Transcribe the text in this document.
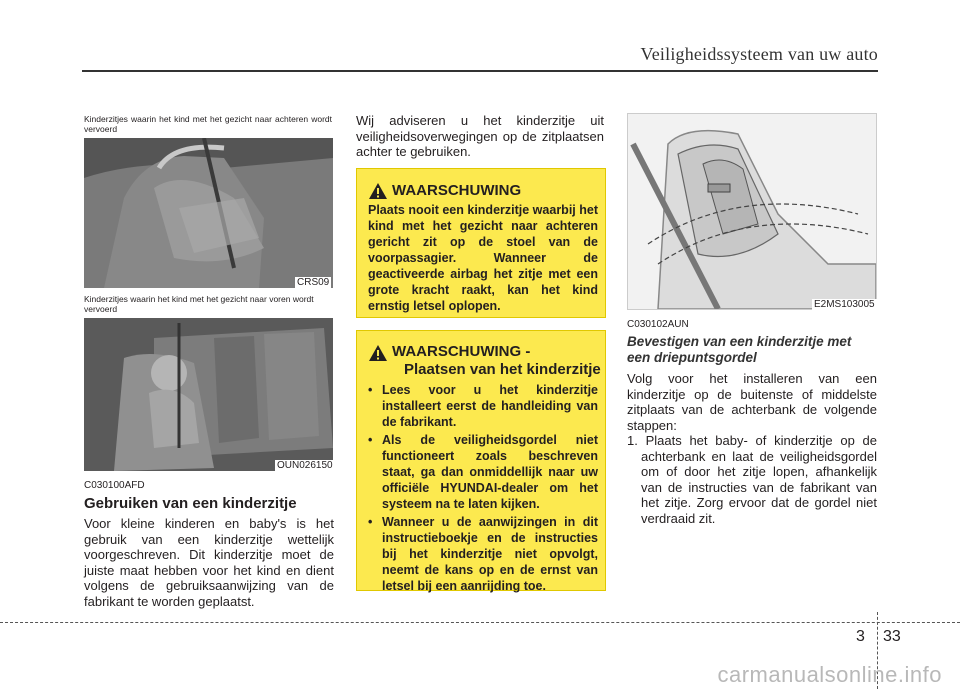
Veiligheidssysteem van uw auto
Kinderzitjes waarin het kind met het gezicht naar achteren wordt vervoerd
CRS09
Kinderzitjes waarin het kind met het gezicht naar voren wordt vervoerd
OUN026150
C030100AFD
Gebruiken van een kinderzitje
Voor kleine kinderen en baby's is het gebruik van een kinderzitje wettelijk voorgeschreven. Dit kinderzitje moet de juiste maat hebben voor het kind en dient volgens de gebruiksaanwijzing van de fabrikant te worden geplaatst.
Wij adviseren u het kinderzitje uit veiligheidsoverwegingen op de zitplaatsen achter te gebruiken.
WAARSCHUWING
Plaats nooit een kinderzitje waarbij het kind met het gezicht naar achteren gericht zit op de stoel van de voorpassagier. Wanneer de geactiveerde airbag het zitje met een grote kracht raakt, kan het kind ernstig letsel oplopen.
WAARSCHUWING -
Plaatsen van het kinderzitje
• Lees voor u het kinderzitje installeert eerst de handleiding van de fabrikant.
• Als de veiligheidsgordel niet functioneert zoals beschreven staat, ga dan onmiddellijk naar uw officiële HYUNDAI-dealer om het systeem na te laten kijken.
• Wanneer u de aanwijzingen in dit instructieboekje en de instructies bij het kinderzitje niet opvolgt, neemt de kans op en de ernst van letsel bij een aanrijding toe.
E2MS103005
C030102AUN
Bevestigen van een kinderzitje met een driepuntsgordel
Volg voor het installeren van een kinderzitje op de buitenste of middelste zitplaats van de achterbank de volgende stappen:
1. Plaats het baby- of kinderzitje op de achterbank en laat de veiligheidsgordel om of door het zitje lopen, afhankelijk van de instructies van de fabrikant van het zitje. Zorg ervoor dat de gordel niet verdraaid zit.
3 33
carmanualsonline.info
